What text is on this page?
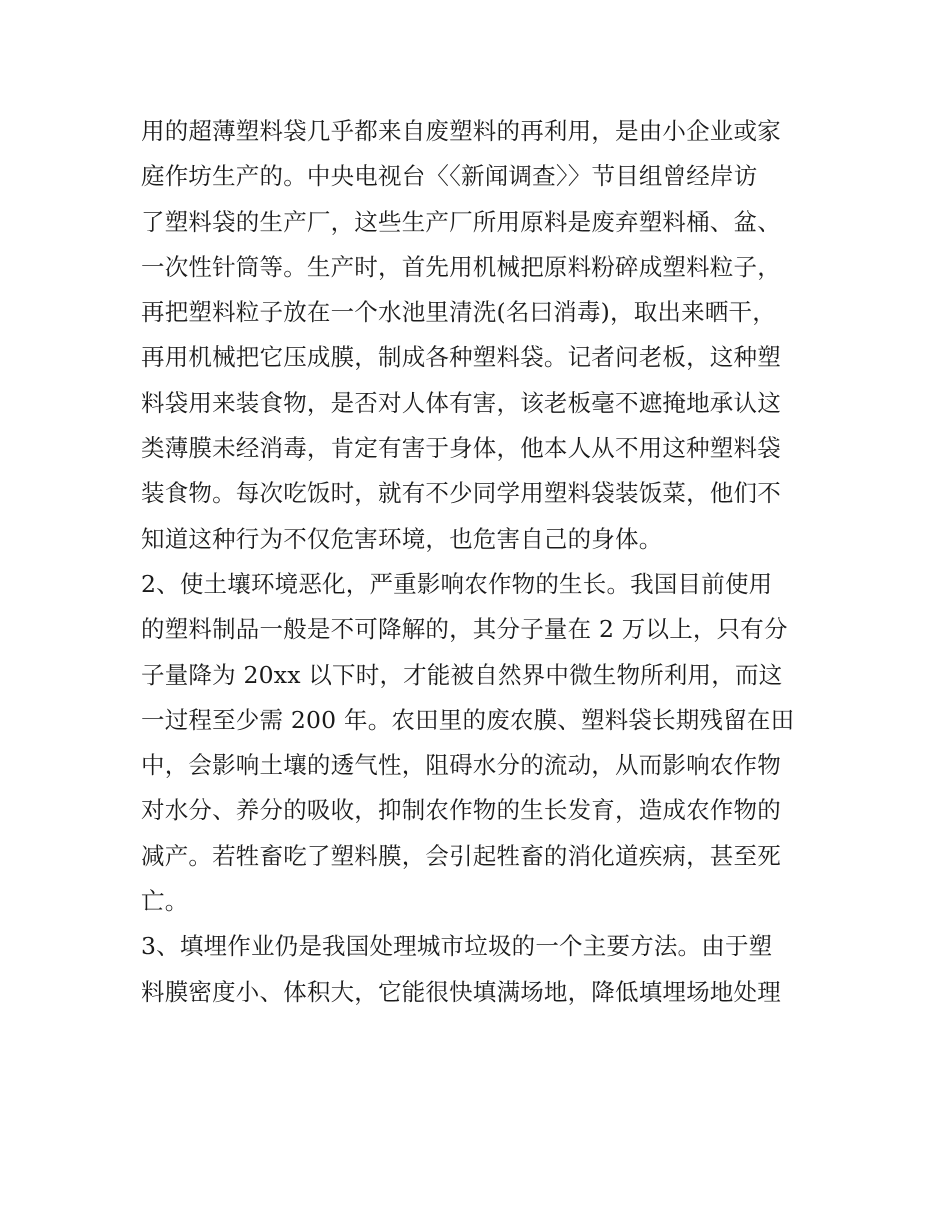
用的超薄塑料袋几乎都来自废塑料的再利用，是由小企业或家
庭作坊生产的。中央电视台〈〈新闻调查〉〉节目组曾经岸访
了塑料袋的生产厂，这些生产厂所用原料是废弃塑料桶、盆、
一次性针筒等。生产时，首先用机械把原料粉碎成塑料粒子，
再把塑料粒子放在一个水池里清洗(名曰消毒)，取出来晒干，
再用机械把它压成膜，制成各种塑料袋。记者问老板，这种塑
料袋用来装食物，是否对人体有害，该老板毫不遮掩地承认这
类薄膜未经消毒，肯定有害于身体，他本人从不用这种塑料袋
装食物。每次吃饭时，就有不少同学用塑料袋装饭菜，他们不
知道这种行为不仅危害环境，也危害自己的身体。
2、使土壤环境恶化，严重影响农作物的生长。我国目前使用
的塑料制品一般是不可降解的，其分子量在 2 万以上，只有分
子量降为 20xx 以下时，才能被自然界中微生物所利用，而这
一过程至少需 200 年。农田里的废农膜、塑料袋长期残留在田
中，会影响土壤的透气性，阻碍水分的流动，从而影响农作物
对水分、养分的吸收，抑制农作物的生长发育，造成农作物的
减产。若牲畜吃了塑料膜，会引起牲畜的消化道疾病，甚至死
亡。
3、填埋作业仍是我国处理城市垃圾的一个主要方法。由于塑
料膜密度小、体积大，它能很快填满场地，降低填埋场地处理
